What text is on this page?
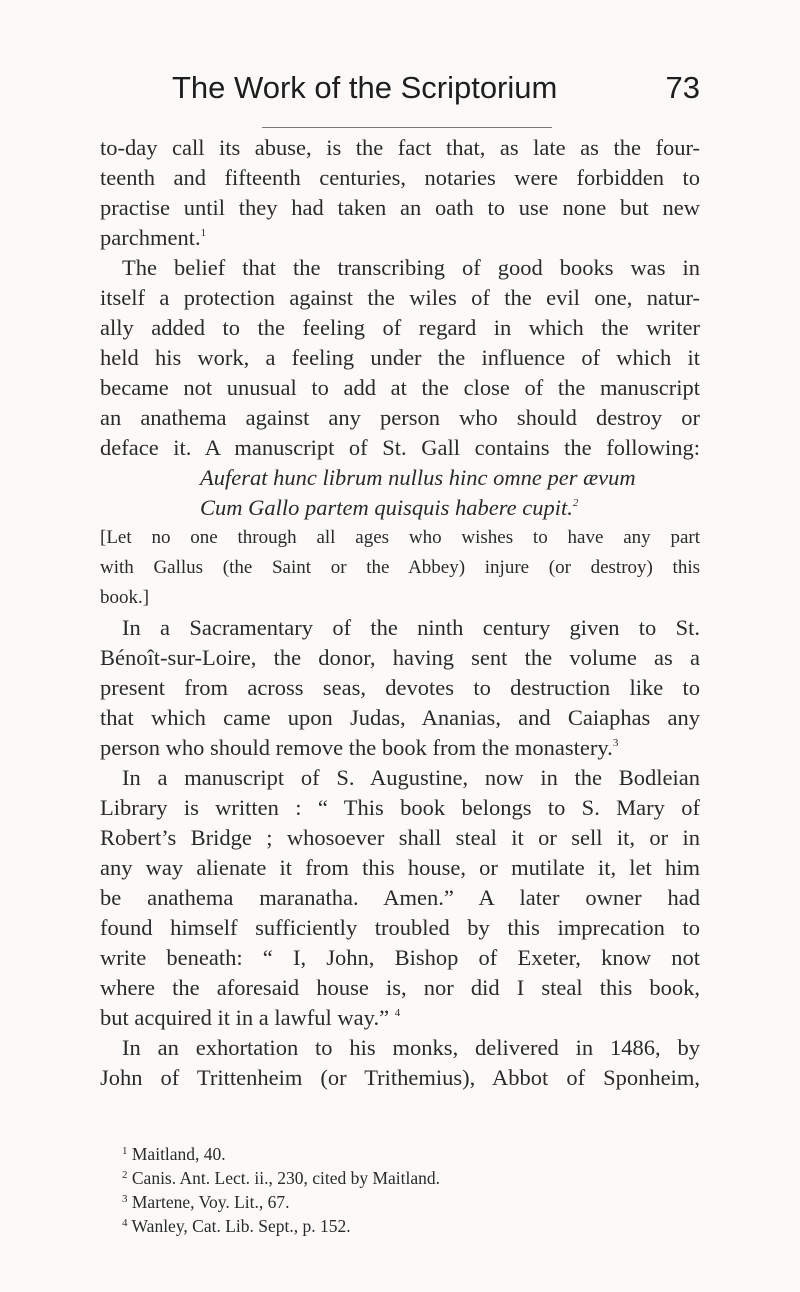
The Work of the Scriptorium	73
to-day call its abuse, is the fact that, as late as the four-
teenth and fifteenth centuries, notaries were forbidden to
practise until they had taken an oath to use none but new
parchment.$^1$
The belief that the transcribing of good books was in
itself a protection against the wiles of the evil one, natur-
ally added to the feeling of regard in which the writer
held his work, a feeling under the influence of which it
became not unusual to add at the close of the manuscript
an anathema against any person who should destroy or
deface it. A manuscript of St. Gall contains the following:
Auferat hunc librum nullus hinc omne per ævum
Cum Gallo partem quisquis habere cupit.$^2$
[Let no one through all ages who wishes to have any part
with Gallus (the Saint or the Abbey) injure (or destroy) this
book.]
In a Sacramentary of the ninth century given to St.
Bénoît-sur-Loire, the donor, having sent the volume as a
present from across seas, devotes to destruction like to
that which came upon Judas, Ananias, and Caiaphas any
person who should remove the book from the monastery.$^3$
In a manuscript of S. Augustine, now in the Bodleian
Library is written : “ This book belongs to S. Mary of
Robert’s Bridge ; whosoever shall steal it or sell it, or in
any way alienate it from this house, or mutilate it, let him
be anathema maranatha. Amen.” A later owner had
found himself sufficiently troubled by this imprecation to
write beneath: “ I, John, Bishop of Exeter, know not
where the aforesaid house is, nor did I steal this book,
but acquired it in a lawful way.” $^4$
In an exhortation to his monks, delivered in 1486, by
John of Trittenheim (or Trithemius), Abbot of Sponheim,
$^1$ Maitland, 40.
$^2$ Canis. Ant. Lect. ii., 230, cited by Maitland.
$^3$ Martene, Voy. Lit., 67.
$^4$ Wanley, Cat. Lib. Sept., p. 152.
